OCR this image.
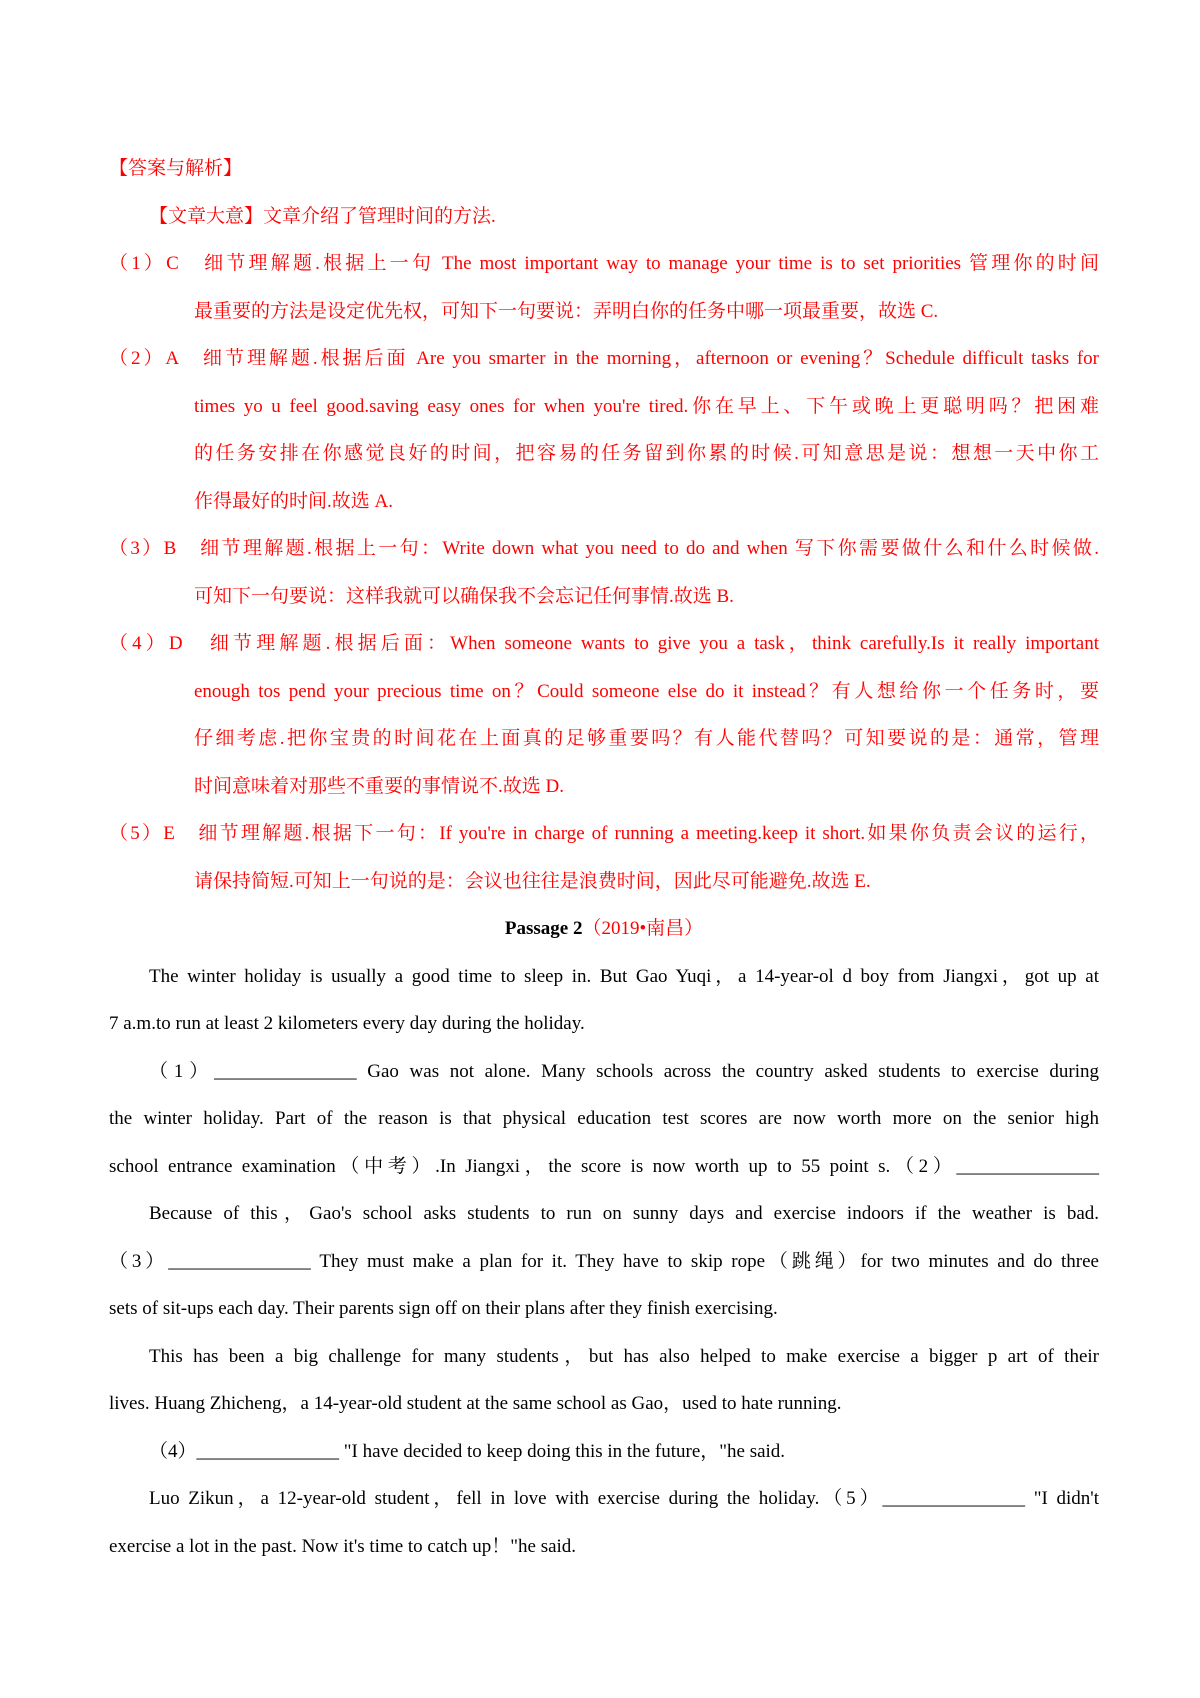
【答案与解析】
【文章大意】文章介绍了管理时间的方法.
（1）C　细节理解题.根据上一句 The most important way to manage your time is to set priorities 管理你的时间
最重要的方法是设定优先权，可知下一句要说：弄明白你的任务中哪一项最重要，故选 C.
（2）A　细节理解题.根据后面 Are you smarter in the morning，afternoon or evening？Schedule difficult tasks for
times yo u feel good.saving easy ones for when you're tired.你在早上、下午或晚上更聪明吗？把困难
的任务安排在你感觉良好的时间，把容易的任务留到你累的时候.可知意思是说：想想一天中你工
作得最好的时间.故选 A.
（3）B　细节理解题.根据上一句：Write down what you need to do and when 写下你需要做什么和什么时候做.
可知下一句要说：这样我就可以确保我不会忘记任何事情.故选 B.
（4）D　细节理解题.根据后面：When someone wants to give you a task，think carefully.Is it really important
enough tos pend your precious time on？Could someone else do it instead？有人想给你一个任务时，要
仔细考虑.把你宝贵的时间花在上面真的足够重要吗？有人能代替吗？可知要说的是：通常，管理
时间意味着对那些不重要的事情说不.故选 D.
（5）E　细节理解题.根据下一句：If you're in charge of running a meeting.keep it short.如果你负责会议的运行，
请保持简短.可知上一句说的是：会议也往往是浪费时间，因此尽可能避免.故选 E.
Passage 2（2019•南昌）
The winter holiday is usually a good time to sleep in. But Gao Yuqi，a 14-year-ol d boy from Jiangxi，got up at
7 a.m.to run at least 2 kilometers every day during the holiday.
（1）_______________ Gao was not alone. Many schools across the country asked students to exercise during
the winter holiday. Part of the reason is that physical education test scores are now worth more on the senior high
school entrance examination（中考）.In Jiangxi，the score is now worth up to 55 point s.（2）_______________
Because of this，Gao's school asks students to run on sunny days and exercise indoors if the weather is bad.
（3）_______________ They must make a plan for it. They have to skip rope（跳绳）for two minutes and do three
sets of sit-ups each day. Their parents sign off on their plans after they finish exercising.
This has been a big challenge for many students，but has also helped to make exercise a bigger p art of their
lives. Huang Zhicheng，a 14-year-old student at the same school as Gao，used to hate running.
（4）_______________ "I have decided to keep doing this in the future，"he said.
Luo Zikun，a 12-year-old student，fell in love with exercise during the holiday.（5）_______________ "I didn't
exercise a lot in the past. Now it's time to catch up！"he said.
